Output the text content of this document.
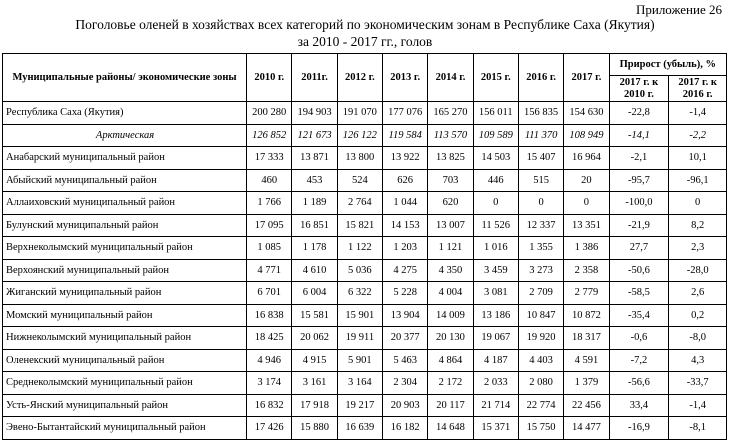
Приложение 26
Поголовье оленей в хозяйствах всех категорий по экономическим зонам в Республике Саха (Якутия)
за 2010 - 2017 гг., голов
Муниципальные районы/ экономические зоны	2010 г.	2011г.	2012 г.	2013 г.	2014 г.	2015 г.	2016 г.	2017 г.	Прирост (убыль), %	
									2017 г. к 2010 г.	2017 г. к 2016 г.
Республика Саха (Якутия)	200 280	194 903	191 070	177 076	165 270	156 011	156 835	154 630	-22,8	-1,4
Арктическая	126 852	121 673	126 122	119 584	113 570	109 589	111 370	108 949	-14,1	-2,2
Анабарский муниципальный район	17 333	13 871	13 800	13 922	13 825	14 503	15 407	16 964	-2,1	10,1
Абыйский муниципальный район	460	453	524	626	703	446	515	20	-95,7	-96,1
Аллаиховский муниципальный район	1 766	1 189	2 764	1 044	620	0	0	0	-100,0	0
Булунский муниципальный район	17 095	16 851	15 821	14 153	13 007	11 526	12 337	13 351	-21,9	8,2
Верхнеколымский муниципальный район	1 085	1 178	1 122	1 203	1 121	1 016	1 355	1 386	27,7	2,3
Верхоянский муниципальный район	4 771	4 610	5 036	4 275	4 350	3 459	3 273	2 358	-50,6	-28,0
Жиганский муниципальный район	6 701	6 004	6 322	5 228	4 004	3 081	2 709	2 779	-58,5	2,6
Момский муниципальный район	16 838	15 581	15 901	13 904	14 009	13 186	10 847	10 872	-35,4	0,2
Нижнеколымский муниципальный район	18 425	20 062	19 911	20 377	20 130	19 067	19 920	18 317	-0,6	-8,0
Оленекский муниципальный район	4 946	4 915	5 901	5 463	4 864	4 187	4 403	4 591	-7,2	4,3
Среднеколымский муниципальный район	3 174	3 161	3 164	2 304	2 172	2 033	2 080	1 379	-56,6	-33,7
Усть-Янский муниципальный район	16 832	17 918	19 217	20 903	20 117	21 714	22 774	22 456	33,4	-1,4
Эвено-Бытантайский муниципальный район	17 426	15 880	16 639	16 182	14 648	15 371	15 750	14 477	-16,9	-8,1
